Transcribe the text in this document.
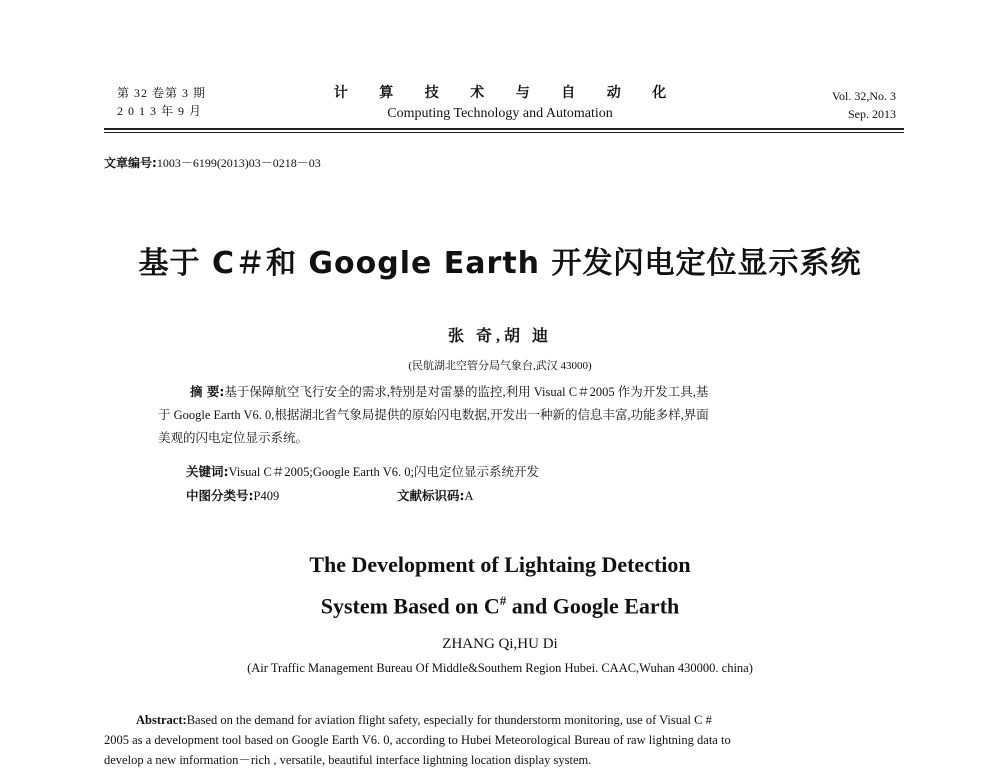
第 32 卷第 3 期
2 0 1 3 年 9 月
计 算 技 术 与 自 动 化
Computing Technology and Automation
Vol. 32,No. 3
Sep. 2013
文章编号:1003－6199(2013)03－0218－03
基于 C＃和 Google Earth 开发闪电定位显示系统
张 奇,胡 迪
(民航湖北空管分局气象台,武汉 43000)
摘 要:基于保障航空飞行安全的需求,特别是对雷暴的监控,利用 Visual C＃2005 作为开发工具,基
于 Google Earth V6. 0,根据湖北省气象局提供的原始闪电数据,开发出一种新的信息丰富,功能多样,界面
美观的闪电定位显示系统。
关键词:Visual C＃2005;Google Earth V6. 0;闪电定位显示系统开发
中图分类号:P409	文献标识码:A
The Development of Lightaing Detection
System Based on C# and Google Earth
ZHANG Qi,HU Di
(Air Traffic Management Bureau Of Middle&Southem Region Hubei. CAAC,Wuhan 430000. china)
Abstract:Based on the demand for aviation flight safety, especially for thunderstorm monitoring, use of Visual C #
2005 as a development tool based on Google Earth V6. 0, according to Hubei Meteorological Bureau of raw lightning data to
develop a new information－rich , versatile, beautiful interface lightning location display system.
